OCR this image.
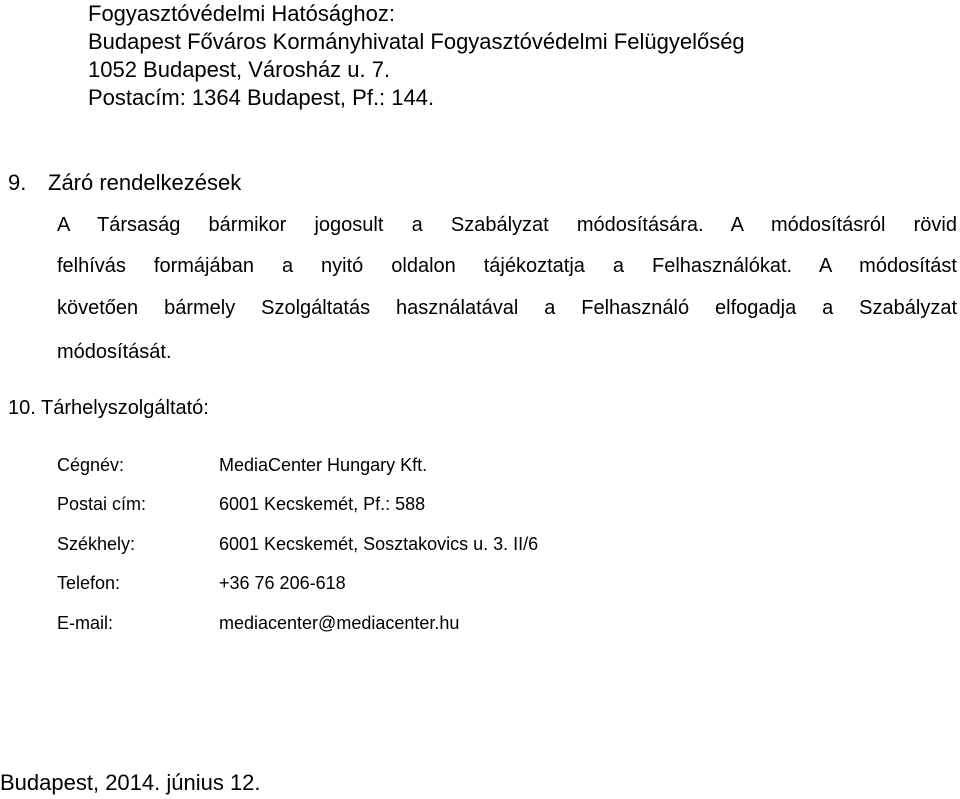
Fogyasztóvédelmi Hatósághoz:
Budapest Főváros Kormányhivatal Fogyasztóvédelmi Felügyelőség
1052 Budapest, Városház u. 7.
Postacím: 1364 Budapest, Pf.: 144.
9. Záró rendelkezések
A Társaság bármikor jogosult a Szabályzat módosítására. A módosításról rövid
felhívás formájában a nyitó oldalon tájékoztatja a Felhasználókat. A módosítást
követően bármely Szolgáltatás használatával a Felhasználó elfogadja a Szabályzat
módosítását.
10. Tárhelyszolgáltató:
Cégnév:	MediaCenter Hungary Kft.
Postai cím:	6001 Kecskemét, Pf.: 588
Székhely:	6001 Kecskemét, Sosztakovics u. 3. II/6
Telefon:	+36 76 206-618
E-mail:	mediacenter@mediacenter.hu
Budapest, 2014. június 12.
